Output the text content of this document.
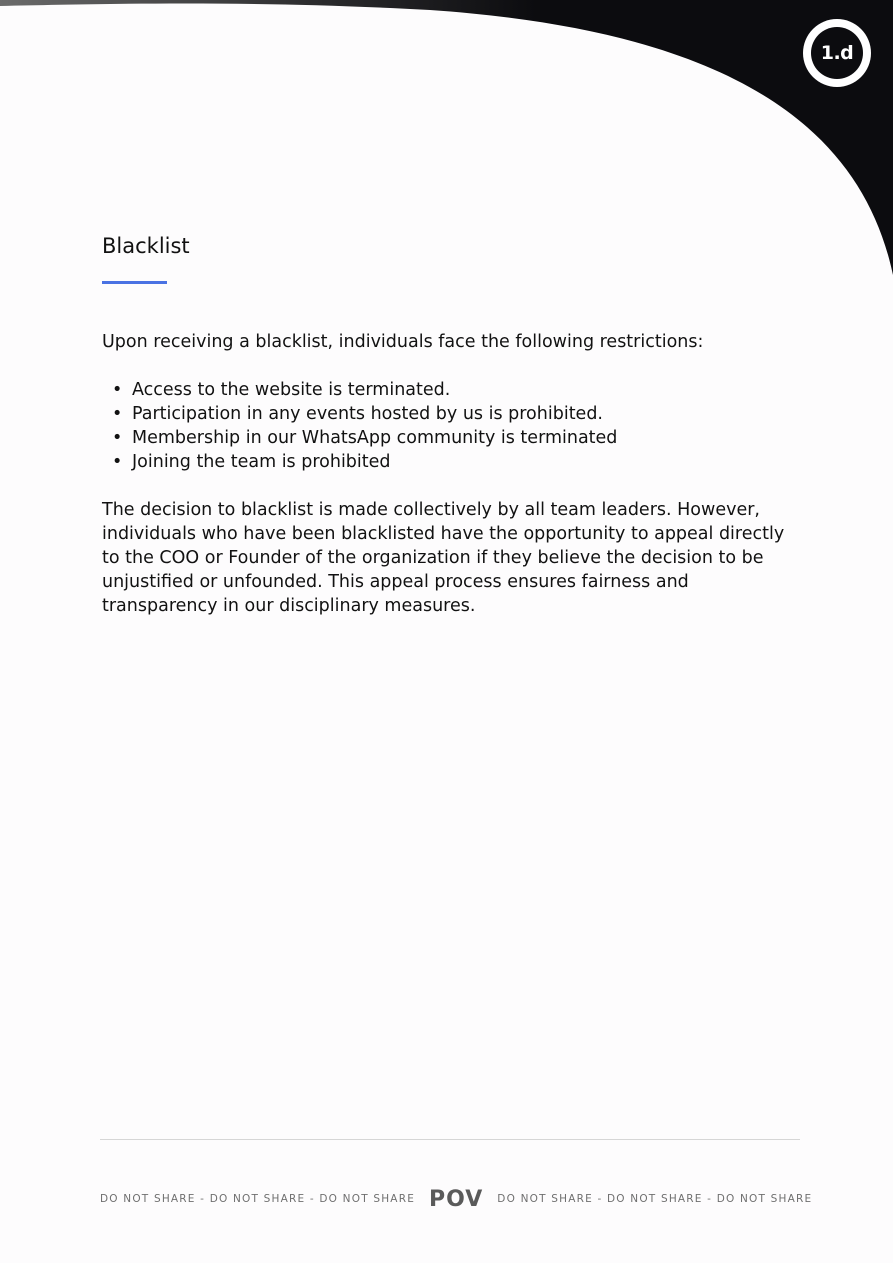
1.d
Blacklist

Upon receiving a blacklist, individuals face the following restrictions:

• Access to the website is terminated.
• Participation in any events hosted by us is prohibited.
• Membership in our WhatsApp community is terminated
• Joining the team is prohibited

The decision to blacklist is made collectively by all team leaders. However, individuals who have been blacklisted have the opportunity to appeal directly to the COO or Founder of the organization if they believe the decision to be unjustified or unfounded. This appeal process ensures fairness and transparency in our disciplinary measures.

DO NOT SHARE - DO NOT SHARE - DO NOT SHARE POV DO NOT SHARE - DO NOT SHARE - DO NOT SHARE
